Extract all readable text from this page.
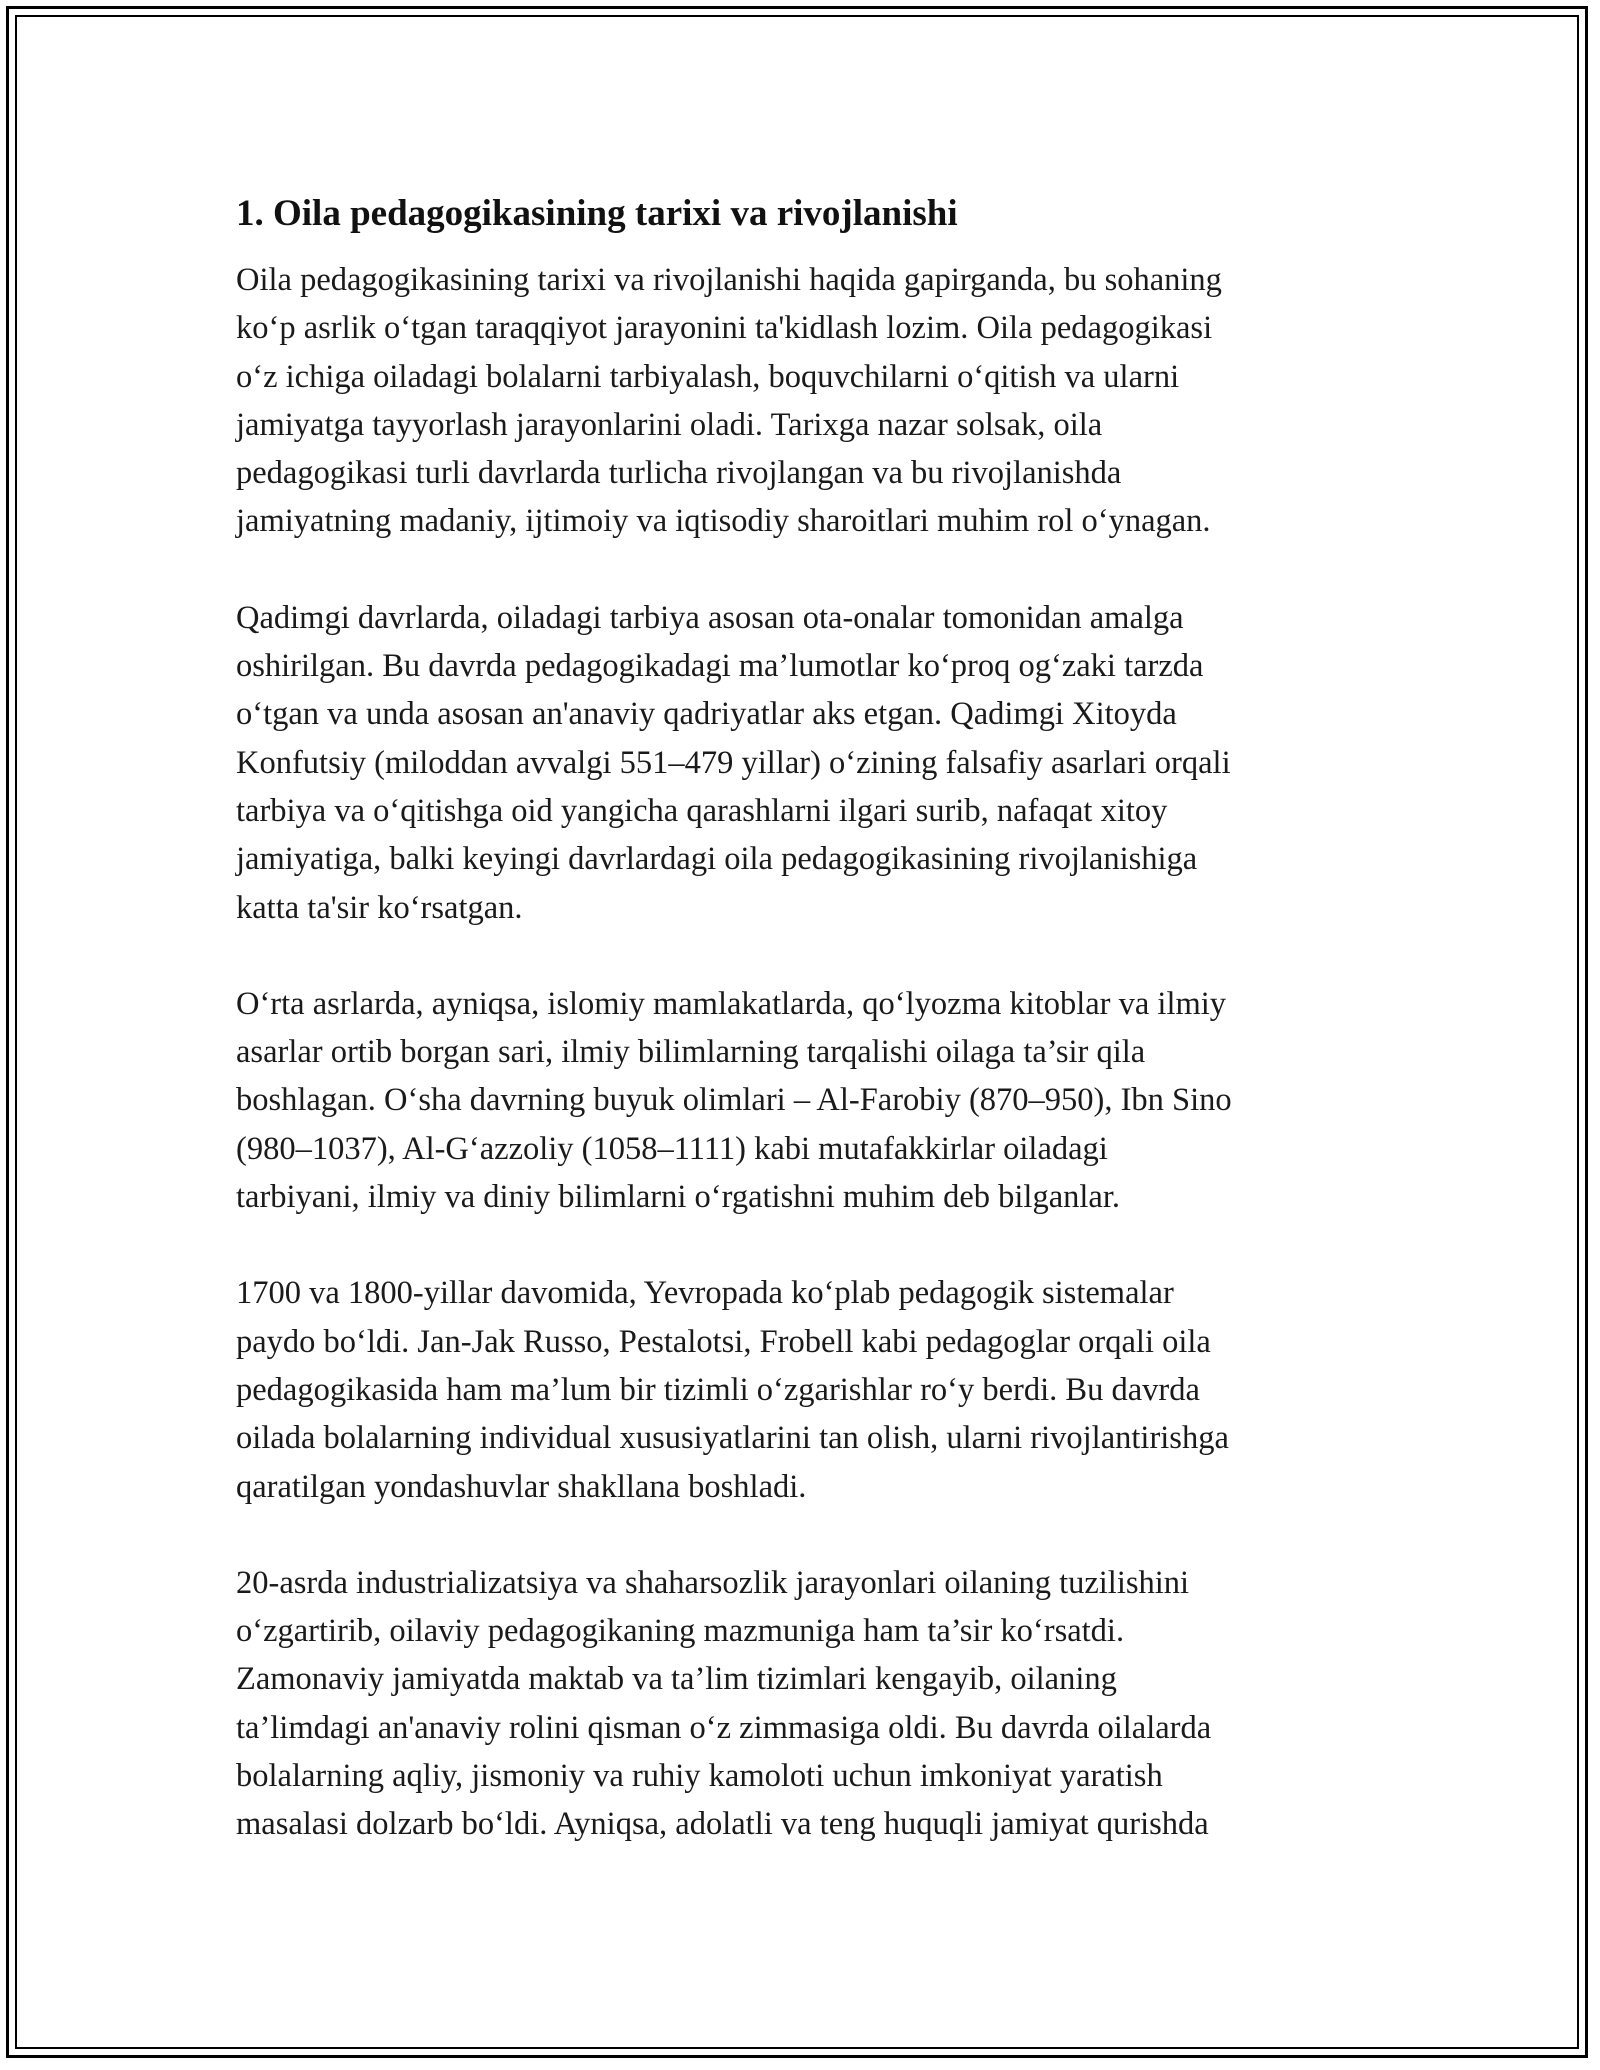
1. Oila pedagogikasining tarixi va rivojlanishi

Oila pedagogikasining tarixi va rivojlanishi haqida gapirganda, bu sohaning
ko‘p asrlik o‘tgan taraqqiyot jarayonini ta'kidlash lozim. Oila pedagogikasi
o‘z ichiga oiladagi bolalarni tarbiyalash, boquvchilarni o‘qitish va ularni
jamiyatga tayyorlash jarayonlarini oladi. Tarixga nazar solsak, oila
pedagogikasi turli davrlarda turlicha rivojlangan va bu rivojlanishda
jamiyatning madaniy, ijtimoiy va iqtisodiy sharoitlari muhim rol o‘ynagan.

Qadimgi davrlarda, oiladagi tarbiya asosan ota-onalar tomonidan amalga
oshirilgan. Bu davrda pedagogikadagi ma’lumotlar ko‘proq og‘zaki tarzda
o‘tgan va unda asosan an'anaviy qadriyatlar aks etgan. Qadimgi Xitoyda
Konfutsiy (miloddan avvalgi 551–479 yillar) o‘zining falsafiy asarlari orqali
tarbiya va o‘qitishga oid yangicha qarashlarni ilgari surib, nafaqat xitoy
jamiyatiga, balki keyingi davrlardagi oila pedagogikasining rivojlanishiga
katta ta'sir ko‘rsatgan.

O‘rta asrlarda, ayniqsa, islomiy mamlakatlarda, qo‘lyozma kitoblar va ilmiy
asarlar ortib borgan sari, ilmiy bilimlarning tarqalishi oilaga ta’sir qila
boshlagan. O‘sha davrning buyuk olimlari – Al-Farobiy (870–950), Ibn Sino
(980–1037), Al-G‘azzoliy (1058–1111) kabi mutafakkirlar oiladagi
tarbiyani, ilmiy va diniy bilimlarni o‘rgatishni muhim deb bilganlar.

1700 va 1800-yillar davomida, Yevropada ko‘plab pedagogik sistemalar
paydo bo‘ldi. Jan-Jak Russo, Pestalotsi, Frobell kabi pedagoglar orqali oila
pedagogikasida ham ma’lum bir tizimli o‘zgarishlar ro‘y berdi. Bu davrda
oilada bolalarning individual xususiyatlarini tan olish, ularni rivojlantirishga
qaratilgan yondashuvlar shakllana boshladi.

20-asrda industrializatsiya va shaharsozlik jarayonlari oilaning tuzilishini
o‘zgartirib, oilaviy pedagogikaning mazmuniga ham ta’sir ko‘rsatdi.
Zamonaviy jamiyatda maktab va ta’lim tizimlari kengayib, oilaning
ta’limdagi an'anaviy rolini qisman o‘z zimmasiga oldi. Bu davrda oilalarda
bolalarning aqliy, jismoniy va ruhiy kamoloti uchun imkoniyat yaratish
masalasi dolzarb bo‘ldi. Ayniqsa, adolatli va teng huquqli jamiyat qurishda
